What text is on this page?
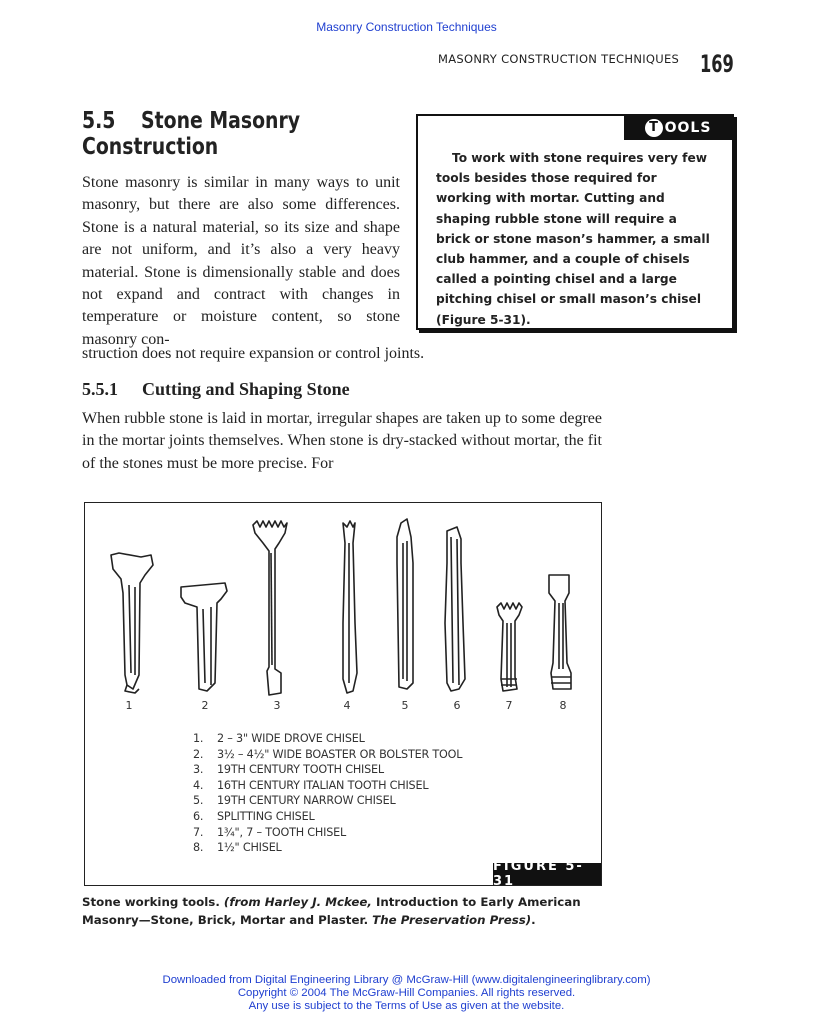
Masonry Construction Techniques
MASONRY CONSTRUCTION TECHNIQUES 169
5.5 Stone Masonry
Construction
Stone masonry is similar in many ways to unit masonry, but there are also some differences. Stone is a natural material, so its size and shape are not uniform, and it’s also a very heavy material. Stone is dimensionally stable and does not expand and contract with changes in temperature or moisture content, so stone masonry con-
struction does not require expansion or control joints.
T OOLS
To work with stone requires very few tools besides those required for working with mortar. Cutting and shaping rubble stone will require a brick or stone mason’s hammer, a small club hammer, and a couple of chisels called a pointing chisel and a large pitching chisel or small mason’s chisel (Figure 5-31).
5.5.1 Cutting and Shaping Stone
When rubble stone is laid in mortar, irregular shapes are taken up to some degree in the mortar joints themselves. When stone is dry-stacked without mortar, the fit of the stones must be more precise. For
1	2	3	4	5	6	7	8
1. 2 – 3" WIDE DROVE CHISEL
2. 3½ – 4½" WIDE BOASTER OR BOLSTER TOOL
3. 19TH CENTURY TOOTH CHISEL
4. 16TH CENTURY ITALIAN TOOTH CHISEL
5. 19TH CENTURY NARROW CHISEL
6. SPLITTING CHISEL
7. 1¾", 7 – TOOTH CHISEL
8. 1½" CHISEL
FIGURE 5-31
Stone working tools. (from Harley J. Mckee, Introduction to Early American Masonry—Stone, Brick, Mortar and Plaster. The Preservation Press).
Downloaded from Digital Engineering Library @ McGraw-Hill (www.digitalengineeringlibrary.com)
Copyright © 2004 The McGraw-Hill Companies. All rights reserved.
Any use is subject to the Terms of Use as given at the website.
